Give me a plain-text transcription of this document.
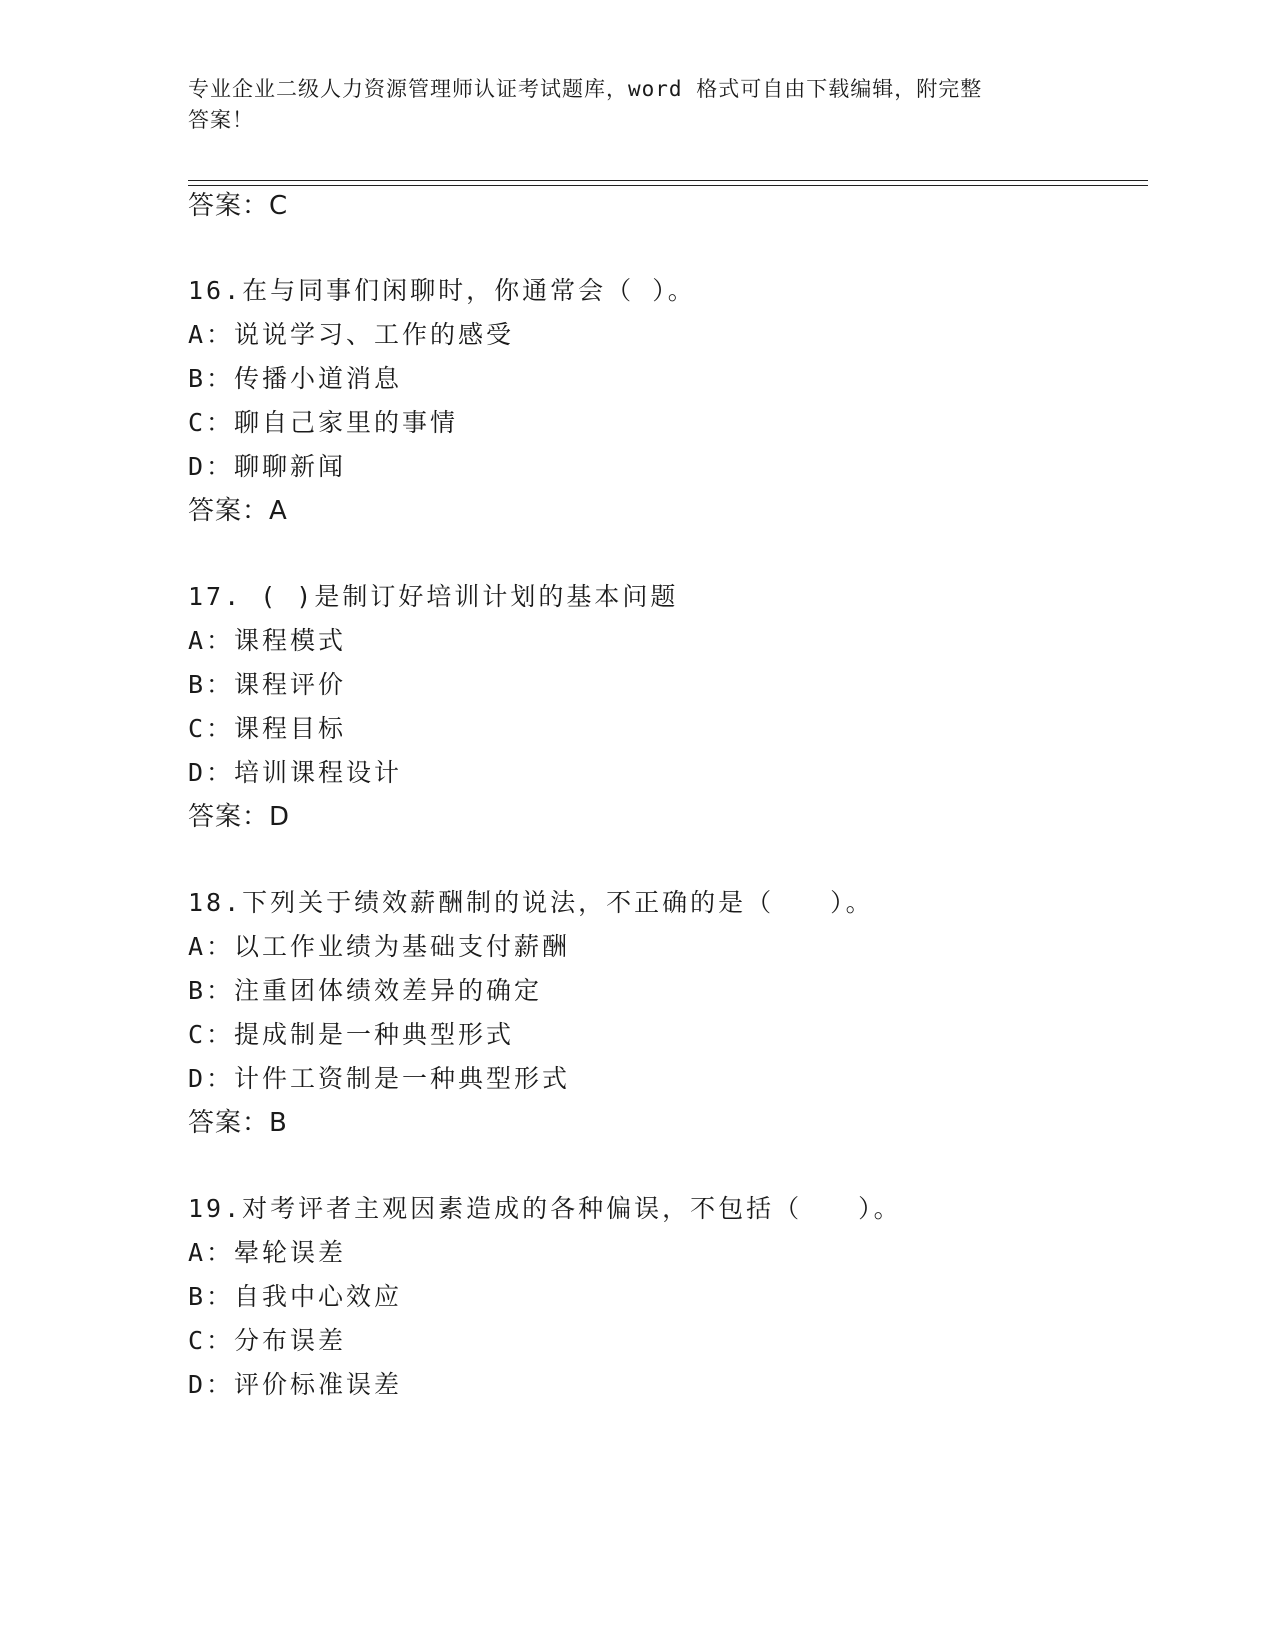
专业企业二级人力资源管理师认证考试题库，word 格式可自由下载编辑，附完整
答案！
答案：C
16.在与同事们闲聊时，你通常会（ ）。
A：说说学习、工作的感受
B：传播小道消息
C：聊自己家里的事情
D：聊聊新闻
答案：A
17. ( )是制订好培训计划的基本问题
A：课程模式
B：课程评价
C：课程目标
D：培训课程设计
答案：D
18.下列关于绩效薪酬制的说法，不正确的是（　　）。
A：以工作业绩为基础支付薪酬
B：注重团体绩效差异的确定
C：提成制是一种典型形式
D：计件工资制是一种典型形式
答案：B
19.对考评者主观因素造成的各种偏误，不包括（　　）。
A：晕轮误差
B：自我中心效应
C：分布误差
D：评价标准误差
